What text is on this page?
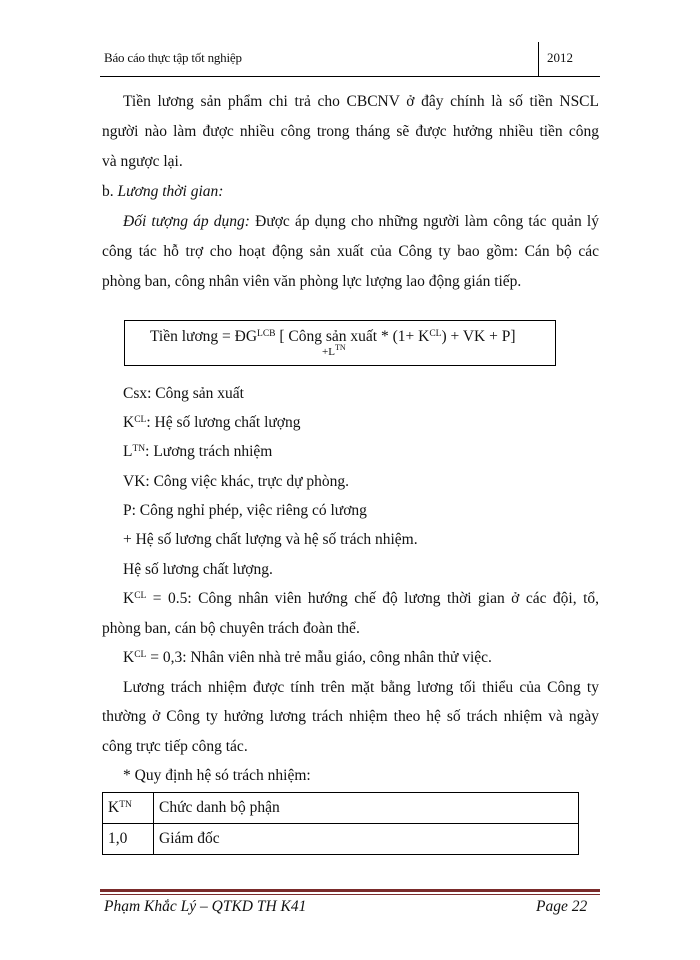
Báo cáo thực tập tốt nghiệp	2012
Tiền lương sản phẩm chi trả cho CBCNV ở đây chính là số tiền NSCL
người nào làm được nhiều công trong tháng sẽ được hưởng nhiều tiền công
và ngược lại.
b. Lương thời gian:
Đối tượng áp dụng: Được áp dụng cho những người làm công tác quản lý
công tác hỗ trợ cho hoạt động sản xuất của Công ty bao gồm: Cán bộ các
phòng ban, công nhân viên văn phòng lực lượng lao động gián tiếp.
Tiền lương = $ĐG^{LCB}$ [ Công sản xuất * $(1+ K^{CL})$ + VK + P]
$+L^{TN}$
Csx: Công sản xuất
$K^{CL}$: Hệ số lương chất lượng
$L^{TN}$: Lương trách nhiệm
VK: Công việc khác, trực dự phòng.
P: Công nghỉ phép, việc riêng có lương
+ Hệ số lương chất lượng và hệ số trách nhiệm.
Hệ số lương chất lượng.
$K^{CL} = 0.5$: Công nhân viên hướng chế độ lương thời gian ở các đội, tổ,
phòng ban, cán bộ chuyên trách đoàn thể.
$K^{CL} = 0,3$: Nhân viên nhà trẻ mẫu giáo, công nhân thử việc.
Lương trách nhiệm được tính trên mặt bằng lương tối thiểu của Công ty
thường ở Công ty hưởng lương trách nhiệm theo hệ số trách nhiệm và ngày
công trực tiếp công tác.
* Quy định hệ só trách nhiệm:
$K^{TN}$	Chức danh bộ phận
1,0	Giám đốc
Phạm Khắc Lý – QTKD TH K41	Page 22
